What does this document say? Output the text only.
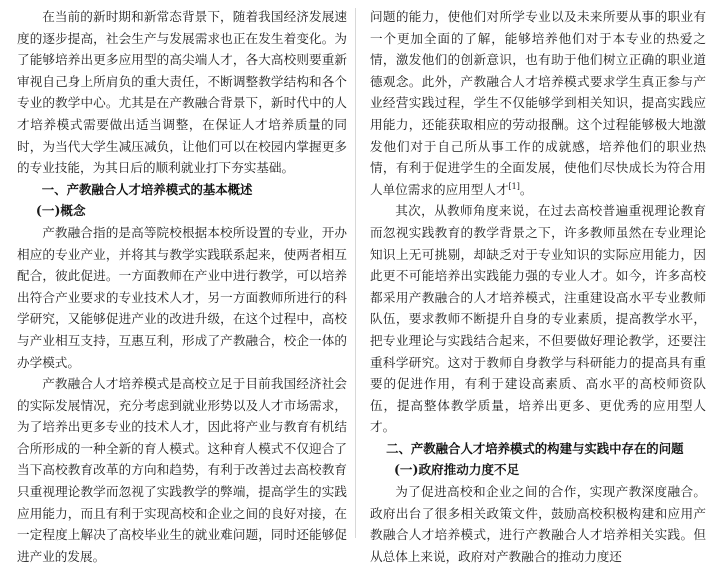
在当前的新时期和新常态背景下，随着我国经济发展速度的逐步提高，社会生产与发展需求也正在发生着变化。为了能够培养出更多应用型的高尖端人才，各大高校则要重新审视自己身上所肩负的重大责任，不断调整教学结构和各个专业的教学中心。尤其是在产教融合背景下，新时代中的人才培养模式需要做出适当调整，在保证人才培养质量的同时，为当代大学生减压减负，让他们可以在校园内掌握更多的专业技能，为其日后的顺利就业打下夯实基础。

一、产教融合人才培养模式的基本概述
(一)概念

产教融合指的是高等院校根据本校所设置的专业，开办相应的专业产业，并将其与教学实践联系起来，使两者相互配合，彼此促进。一方面教师在产业中进行教学，可以培养出符合产业要求的专业技术人才，另一方面教师所进行的科学研究，又能够促进产业的改进升级，在这个过程中，高校与产业相互支持，互惠互利，形成了产教融合，校企一体的办学模式。

产教融合人才培养模式是高校立足于目前我国经济社会的实际发展情况，充分考虑到就业形势以及人才市场需求，为了培养出更多专业的技术人才，因此将产业与教育有机结合所形成的一种全新的育人模式。这种育人模式不仅迎合了当下高校教育改革的方向和趋势，有利于改善过去高校教育只重视理论教学而忽视了实践教学的弊端，提高学生的实践应用能力，而且有利于实现高校和企业之间的良好对接，在一定程度上解决了高校毕业生的就业难问题，同时还能够促进产业的发展。

问题的能力，使他们对所学专业以及未来所要从事的职业有一个更加全面的了解，能够培养他们对于本专业的热爱之情，激发他们的创新意识，也有助于他们树立正确的职业道德观念。此外，产教融合人才培养模式要求学生真正参与产业经营实践过程，学生不仅能够学到相关知识，提高实践应用能力，还能获取相应的劳动报酬。这个过程能够极大地激发他们对于自己所从事工作的成就感，培养他们的职业热情，有利于促进学生的全面发展，使他们尽快成长为符合用人单位需求的应用型人才[1]。

其次，从教师角度来说，在过去高校普遍重视理论教育而忽视实践教育的教学背景之下，许多教师虽然在专业理论知识上无可挑剔，却缺乏对于专业知识的实际应用能力，因此更不可能培养出实践能力强的专业人才。如今，许多高校都采用产教融合的人才培养模式，注重建设高水平专业教师队伍，要求教师不断提升自身的专业素质，提高教学水平，把专业理论与实践结合起来，不但要做好理论教学，还要注重科学研究。这对于教师自身教学与科研能力的提高具有重要的促进作用，有利于建设高素质、高水平的高校师资队伍，提高整体教学质量，培养出更多、更优秀的应用型人才。

二、产教融合人才培养模式的构建与实践中存在的问题
(一)政府推动力度不足

为了促进高校和企业之间的合作，实现产教深度融合。政府出台了很多相关政策文件，鼓励高校积极构建和应用产教融合人才培养模式，进行产教融合人才培养相关实践。但从总体上来说，政府对产教融合的推动力度还
